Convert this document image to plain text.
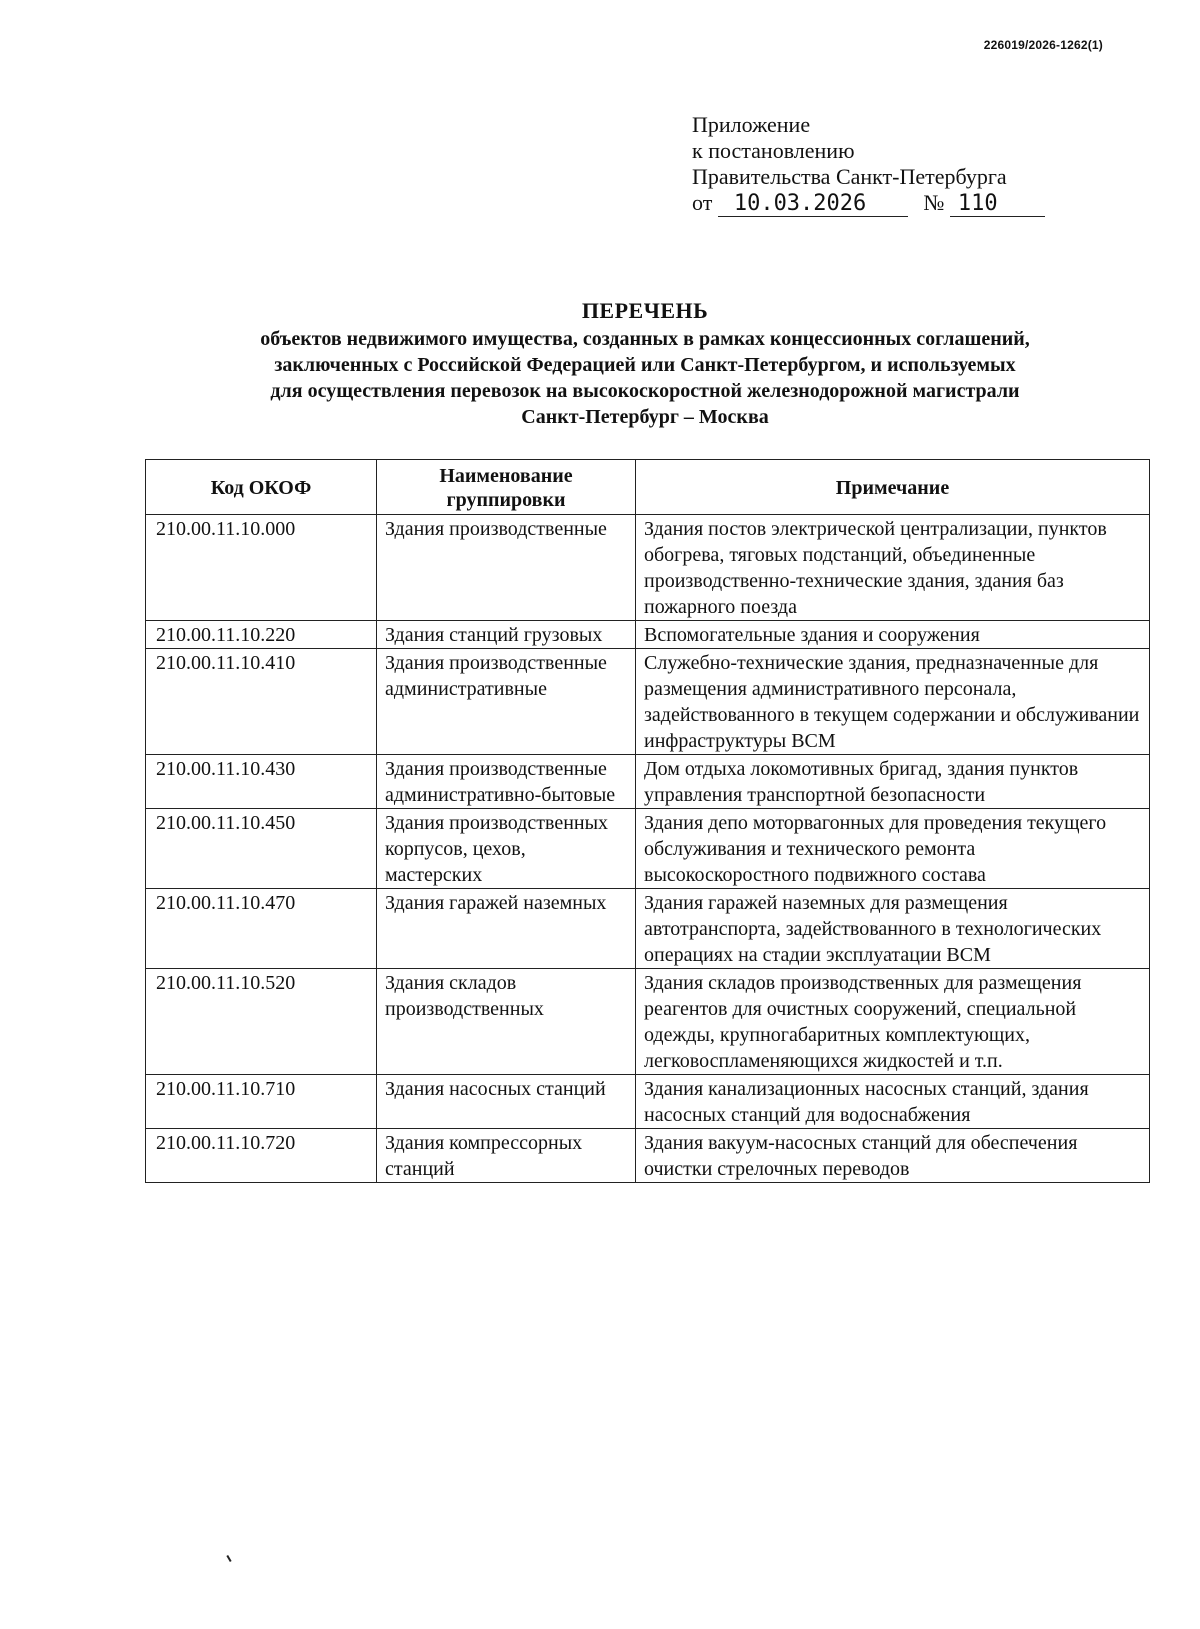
226019/2026-1262(1)
Приложение
к постановлению
Правительства Санкт-Петербурга
от 10.03.2026	№ 110
ПЕРЕЧЕНЬ
объектов недвижимого имущества, созданных в рамках концессионных соглашений,
заключенных с Российской Федерацией или Санкт-Петербургом, и используемых
для осуществления перевозок на высокоскоростной железнодорожной магистрали
Санкт-Петербург – Москва
Код ОКОФ	Наименование группировки	Примечание
210.00.11.10.000	Здания производственные	Здания постов электрической централизации, пунктов обогрева, тяговых подстанций, объединенные производственно-технические здания, здания баз пожарного поезда
210.00.11.10.220	Здания станций грузовых	Вспомогательные здания и сооружения
210.00.11.10.410	Здания производственные административные	Служебно-технические здания, предназначенные для размещения административного персонала, задействованного в текущем содержании и обслуживании инфраструктуры ВСМ
210.00.11.10.430	Здания производственные административно-бытовые	Дом отдыха локомотивных бригад, здания пунктов управления транспортной безопасности
210.00.11.10.450	Здания производственных корпусов, цехов, мастерских	Здания депо моторвагонных для проведения текущего обслуживания и технического ремонта высокоскоростного подвижного состава
210.00.11.10.470	Здания гаражей наземных	Здания гаражей наземных для размещения автотранспорта, задействованного в технологических операциях на стадии эксплуатации ВСМ
210.00.11.10.520	Здания складов производственных	Здания складов производственных для размещения реагентов для очистных сооружений, специальной одежды, крупногабаритных комплектующих, легковоспламеняющихся жидкостей и т.п.
210.00.11.10.710	Здания насосных станций	Здания канализационных насосных станций, здания насосных станций для водоснабжения
210.00.11.10.720	Здания компрессорных станций	Здания вакуум-насосных станций для обеспечения очистки стрелочных переводов
